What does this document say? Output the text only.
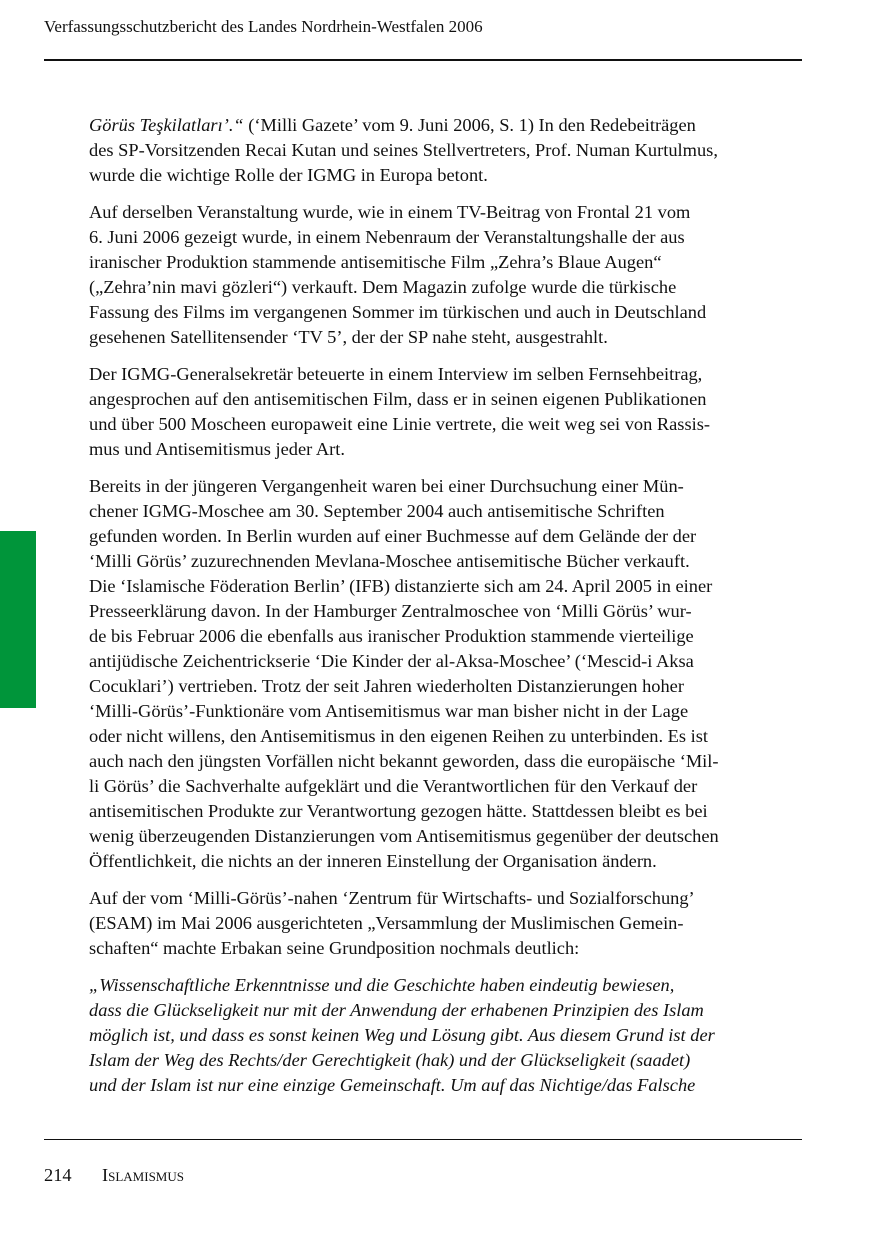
Verfassungsschutzbericht des Landes Nordrhein-Westfalen 2006
Görüs Teşkilatları’.“ (‘Milli Gazete’ vom 9. Juni 2006, S. 1) In den Redebeiträgen
des SP-Vorsitzenden Recai Kutan und seines Stellvertreters, Prof. Numan Kurtulmus,
wurde die wichtige Rolle der IGMG in Europa betont.
Auf derselben Veranstaltung wurde, wie in einem TV-Beitrag von Frontal 21 vom
6. Juni 2006 gezeigt wurde, in einem Nebenraum der Veranstaltungshalle der aus
iranischer Produktion stammende antisemitische Film „Zehra’s Blaue Augen“
(„Zehra’nin mavi gözleri“) verkauft. Dem Magazin zufolge wurde die türkische
Fassung des Films im vergangenen Sommer im türkischen und auch in Deutschland
gesehenen Satellitensender ‘TV 5’, der der SP nahe steht, ausgestrahlt.
Der IGMG-Generalsekretär beteuerte in einem Interview im selben Fernsehbeitrag,
angesprochen auf den antisemitischen Film, dass er in seinen eigenen Publikationen
und über 500 Moscheen europaweit eine Linie vertrete, die weit weg sei von Rassis-
mus und Antisemitismus jeder Art.
Bereits in der jüngeren Vergangenheit waren bei einer Durchsuchung einer Mün-
chener IGMG-Moschee am 30. September 2004 auch antisemitische Schriften
gefunden worden. In Berlin wurden auf einer Buchmesse auf dem Gelände der der
‘Milli Görüs’ zuzurechnenden Mevlana-Moschee antisemitische Bücher verkauft.
Die ‘Islamische Föderation Berlin’ (IFB) distanzierte sich am 24. April 2005 in einer
Presseerklärung davon. In der Hamburger Zentralmoschee von ‘Milli Görüs’ wur-
de bis Februar 2006 die ebenfalls aus iranischer Produktion stammende vierteilige
antijüdische Zeichentrickserie ‘Die Kinder der al-Aksa-Moschee’ (‘Mescid-i Aksa
Cocuklari’) vertrieben. Trotz der seit Jahren wiederholten Distanzierungen hoher
‘Milli-Görüs’-Funktionäre vom Antisemitismus war man bisher nicht in der Lage
oder nicht willens, den Antisemitismus in den eigenen Reihen zu unterbinden. Es ist
auch nach den jüngsten Vorfällen nicht bekannt geworden, dass die europäische ‘Mil-
li Görüs’ die Sachverhalte aufgeklärt und die Verantwortlichen für den Verkauf der
antisemitischen Produkte zur Verantwortung gezogen hätte. Stattdessen bleibt es bei
wenig überzeugenden Distanzierungen vom Antisemitismus gegenüber der deutschen
Öffentlichkeit, die nichts an der inneren Einstellung der Organisation ändern.
Auf der vom ‘Milli-Görüs’-nahen ‘Zentrum für Wirtschafts- und Sozialforschung’
(ESAM) im Mai 2006 ausgerichteten „Versammlung der Muslimischen Gemein-
schaften“ machte Erbakan seine Grundposition nochmals deutlich:
„Wissenschaftliche Erkenntnisse und die Geschichte haben eindeutig bewiesen,
dass die Glückseligkeit nur mit der Anwendung der erhabenen Prinzipien des Islam
möglich ist, und dass es sonst keinen Weg und Lösung gibt. Aus diesem Grund ist der
Islam der Weg des Rechts/der Gerechtigkeit (hak) und der Glückseligkeit (saadet)
und der Islam ist nur eine einzige Gemeinschaft. Um auf das Nichtige/das Falsche
214 Islamismus
